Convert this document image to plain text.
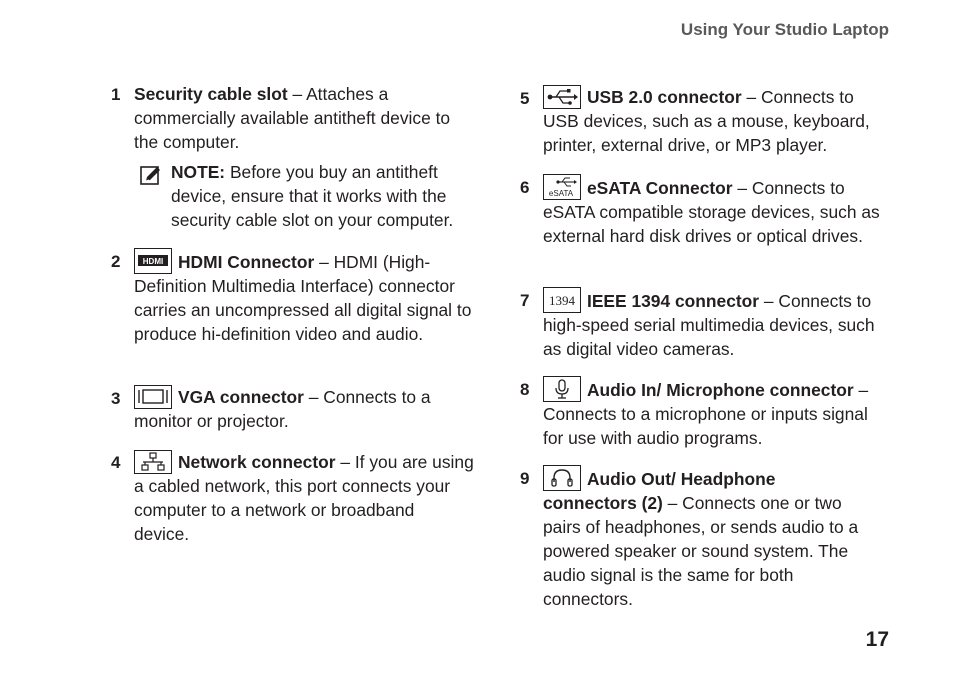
Using Your Studio Laptop
1 Security cable slot – Attaches a commercially available antitheft device to the computer.
NOTE: Before you buy an antitheft device, ensure that it works with the security cable slot on your computer.
2	HDMI HDMI Connector – HDMI (High-Definition Multimedia Interface) connector carries an uncompressed all digital signal to produce hi-definition video and audio.
3	VGA connector – Connects to a monitor or projector.
4	Network connector – If you are using a cabled network, this port connects your computer to a network or broadband device.
5	USB 2.0 connector – Connects to USB devices, such as a mouse, keyboard, printer, external drive, or MP3 player.
6 eSATA eSATA Connector – Connects to eSATA compatible storage devices, such as external hard disk drives or optical drives.
7 1394 IEEE 1394 connector – Connects to high-speed serial multimedia devices, such as digital video cameras.
8	Audio In/ Microphone connector – Connects to a microphone or inputs signal for use with audio programs.
9	Audio Out/ Headphone connectors (2) – Connects one or two pairs of headphones, or sends audio to a powered speaker or sound system. The audio signal is the same for both connectors.
17
